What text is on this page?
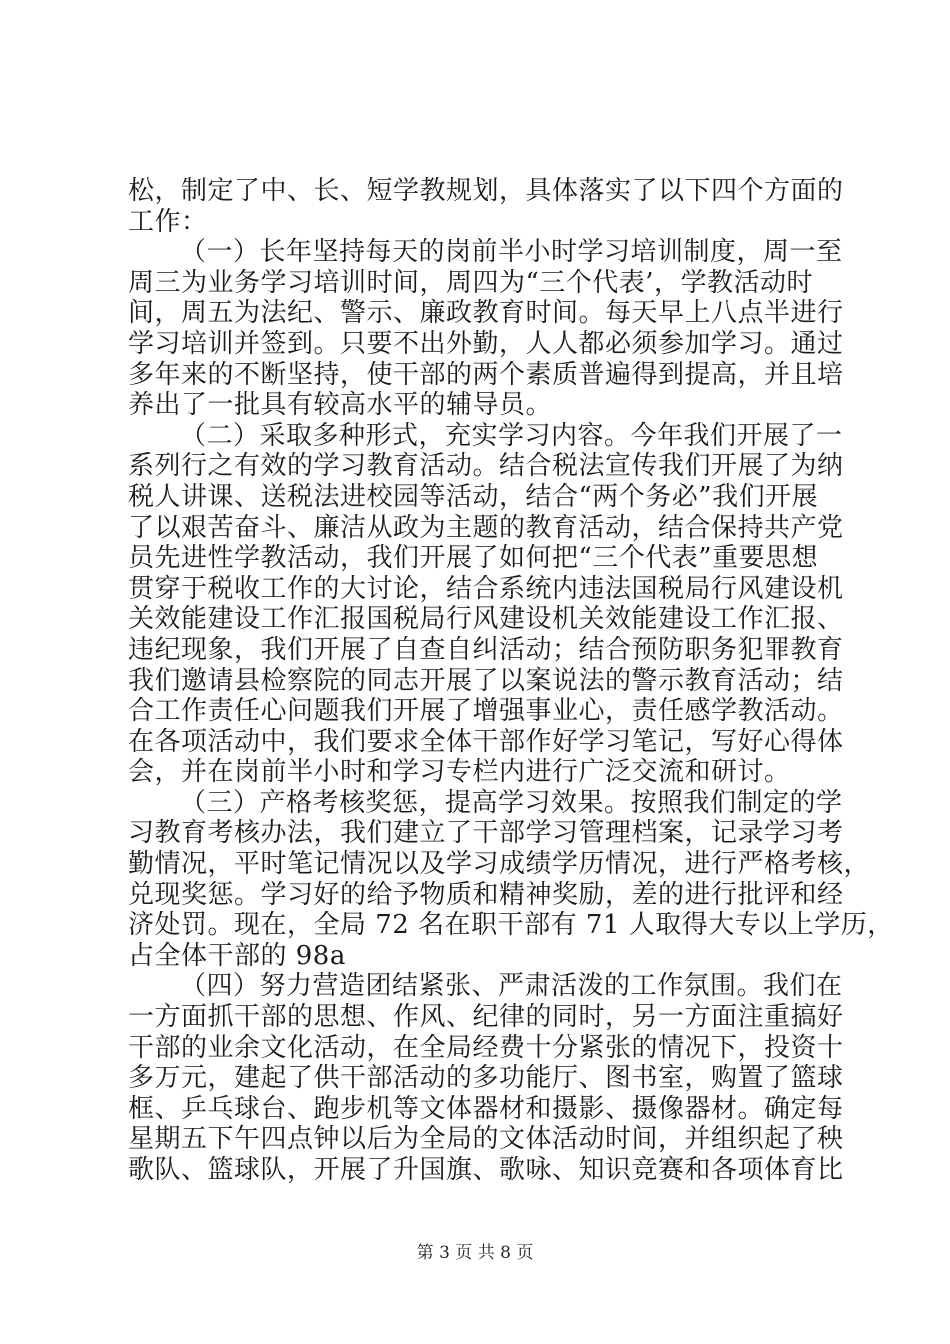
松，制定了中、长、短学教规划，具体落实了以下四个方面的
工作：
（一）长年坚持每天的岗前半小时学习培训制度，周一至
周三为业务学习培训时间，周四为“三个代表’，学教活动时
间，周五为法纪、警示、廉政教育时间。每天早上八点半进行
学习培训并签到。只要不出外勤，人人都必须参加学习。通过
多年来的不断坚持，使干部的两个素质普遍得到提高，并且培
养出了一批具有较高水平的辅导员。
（二）采取多种形式，充实学习内容。今年我们开展了一
系列行之有效的学习教育活动。结合税法宣传我们开展了为纳
税人讲课、送税法进校园等活动，结合“两个务必”我们开展
了以艰苦奋斗、廉洁从政为主题的教育活动，结合保持共产党
员先进性学教活动，我们开展了如何把“三个代表”重要思想
贯穿于税收工作的大讨论，结合系统内违法国税局行风建设机
关效能建设工作汇报国税局行风建设机关效能建设工作汇报、
违纪现象，我们开展了自查自纠活动；结合预防职务犯罪教育
我们邀请县检察院的同志开展了以案说法的警示教育活动；结
合工作责任心问题我们开展了增强事业心，责任感学教活动。
在各项活动中，我们要求全体干部作好学习笔记，写好心得体
会，并在岗前半小时和学习专栏内进行广泛交流和研讨。
（三）产格考核奖惩，提高学习效果。按照我们制定的学
习教育考核办法，我们建立了干部学习管理档案，记录学习考
勤情况，平时笔记情况以及学习成绩学历情况，进行严格考核，
兑现奖惩。学习好的给予物质和精神奖励，差的进行批评和经
济处罚。现在，全局 72 名在职干部有 71 人取得大专以上学历，
占全体干部的 98a
（四）努力营造团结紧张、严肃活泼的工作氛围。我们在
一方面抓干部的思想、作风、纪律的同时，另一方面注重搞好
干部的业余文化活动，在全局经费十分紧张的情况下，投资十
多万元，建起了供干部活动的多功能厅、图书室，购置了篮球
框、乒乓球台、跑步机等文体器材和摄影、摄像器材。确定每
星期五下午四点钟以后为全局的文体活动时间，并组织起了秧
歌队、篮球队，开展了升国旗、歌咏、知识竞赛和各项体育比
第 3 页 共 8 页
